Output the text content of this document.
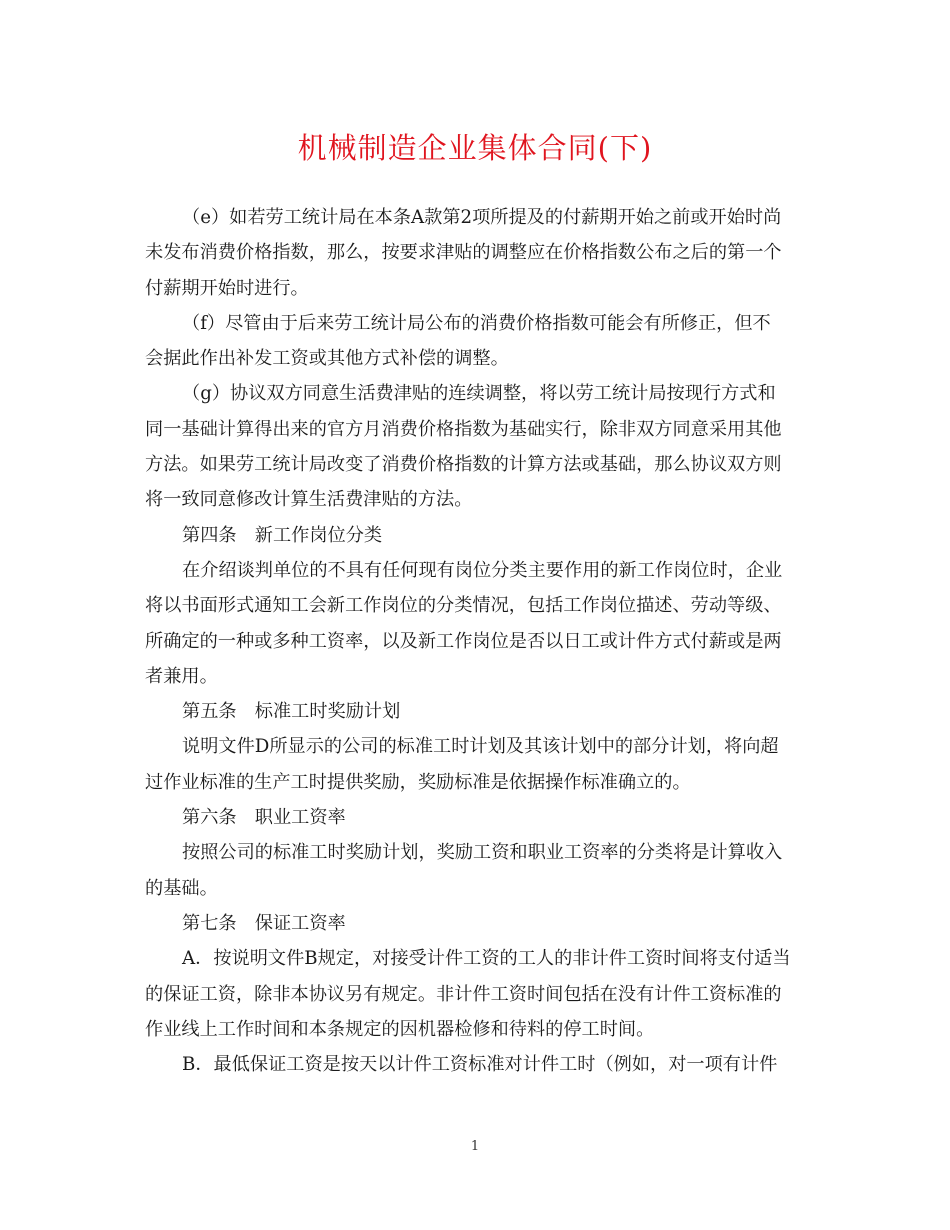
机械制造企业集体合同(下)
（e）如若劳工统计局在本条A款第2项所提及的付薪期开始之前或开始时尚
未发布消费价格指数，那么，按要求津贴的调整应在价格指数公布之后的第一个
付薪期开始时进行。
（f）尽管由于后来劳工统计局公布的消费价格指数可能会有所修正，但不
会据此作出补发工资或其他方式补偿的调整。
（g）协议双方同意生活费津贴的连续调整，将以劳工统计局按现行方式和
同一基础计算得出来的官方月消费价格指数为基础实行，除非双方同意采用其他
方法。如果劳工统计局改变了消费价格指数的计算方法或基础，那么协议双方则
将一致同意修改计算生活费津贴的方法。
第四条　新工作岗位分类
在介绍谈判单位的不具有任何现有岗位分类主要作用的新工作岗位时，企业
将以书面形式通知工会新工作岗位的分类情况，包括工作岗位描述、劳动等级、
所确定的一种或多种工资率，以及新工作岗位是否以日工或计件方式付薪或是两
者兼用。
第五条　标准工时奖励计划
说明文件D所显示的公司的标准工时计划及其该计划中的部分计划，将向超
过作业标准的生产工时提供奖励，奖励标准是依据操作标准确立的。
第六条　职业工资率
按照公司的标准工时奖励计划，奖励工资和职业工资率的分类将是计算收入
的基础。
第七条　保证工资率
A．按说明文件B规定，对接受计件工资的工人的非计件工资时间将支付适当
的保证工资，除非本协议另有规定。非计件工资时间包括在没有计件工资标准的
作业线上工作时间和本条规定的因机器检修和待料的停工时间。
B．最低保证工资是按天以计件工资标准对计件工时（例如，对一项有计件
1
